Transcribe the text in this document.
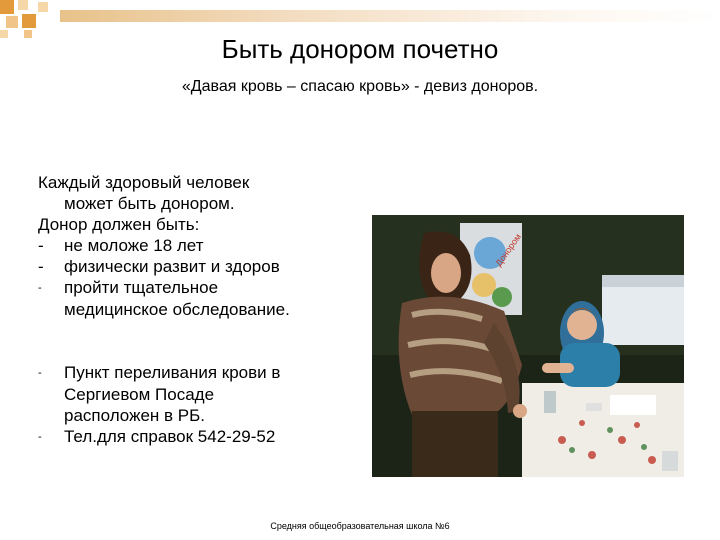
Быть донором почетно
«Давая кровь – спасаю кровь» - девиз доноров.
Каждый здоровый человек
может быть донором.
Донор должен быть:
- не моложе 18 лет
- физически развит и здоров
- пройти тщательное
медицинское обследование.
- Пункт переливания крови в
Сергиевом Посаде
расположен в РБ.
- Тел.для справок 542-29-52
Донором
Средняя общеобразовательная школа №6
